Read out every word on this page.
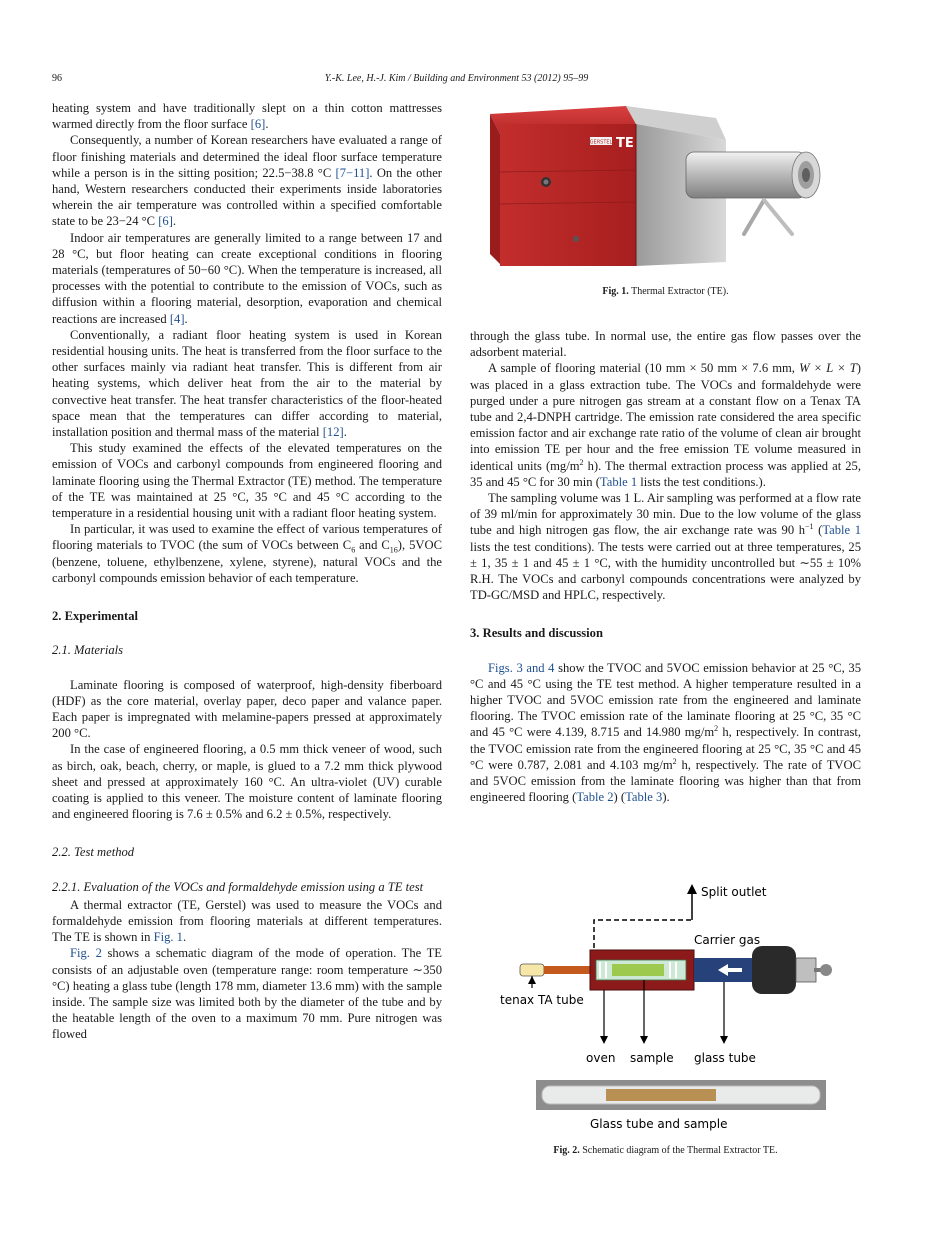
96	Y.-K. Lee, H.-J. Kim / Building and Environment 53 (2012) 95–99

heating system and have traditionally slept on a thin cotton mattresses warmed directly from the floor surface [6].

Consequently, a number of Korean researchers have evaluated a range of floor finishing materials and determined the ideal floor surface temperature while a person is in the sitting position; 22.5−38.8 °C [7−11]. On the other hand, Western researchers conducted their experiments inside laboratories wherein the air temperature was controlled within a specified comfortable state to be 23−24 °C [6].

Indoor air temperatures are generally limited to a range between 17 and 28 °C, but floor heating can create exceptional conditions in flooring materials (temperatures of 50−60 °C). When the temperature is increased, all processes with the potential to contribute to the emission of VOCs, such as diffusion within a flooring material, desorption, evaporation and chemical reactions are increased [4].

Conventionally, a radiant floor heating system is used in Korean residential housing units. The heat is transferred from the floor surface to the other surfaces mainly via radiant heat transfer. This is different from air heating systems, which deliver heat from the air to the material by convective heat transfer. The heat transfer characteristics of the floor-heated space mean that the temperatures can differ according to material, installation position and thermal mass of the material [12].

This study examined the effects of the elevated temperatures on the emission of VOCs and carbonyl compounds from engineered flooring and laminate flooring using the Thermal Extractor (TE) method. The temperature of the TE was maintained at 25 °C, 35 °C and 45 °C according to the temperature in a residential housing unit with a radiant floor heating system.

In particular, it was used to examine the effect of various temperatures of flooring materials to TVOC (the sum of VOCs between $C_6$ and $C_{16}$), 5VOC (benzene, toluene, ethylbenzene, xylene, styrene), natural VOCs and the carbonyl compounds emission behavior of each temperature.

2. Experimental

2.1. Materials

Laminate flooring is composed of waterproof, high-density fiberboard (HDF) as the core material, overlay paper, deco paper and valance paper. Each paper is impregnated with melamine-papers pressed at approximately 200 °C.

In the case of engineered flooring, a 0.5 mm thick veneer of wood, such as birch, oak, beach, cherry, or maple, is glued to a 7.2 mm thick plywood sheet and pressed at approximately 160 °C. An ultra-violet (UV) curable coating is applied to this veneer. The moisture content of laminate flooring and engineered flooring is 7.6 ± 0.5% and 6.2 ± 0.5%, respectively.

2.2. Test method

2.2.1. Evaluation of the VOCs and formaldehyde emission using a TE test

A thermal extractor (TE, Gerstel) was used to measure the VOCs and formaldehyde emission from flooring materials at different temperatures. The TE is shown in Fig. 1.

Fig. 2 shows a schematic diagram of the mode of operation. The TE consists of an adjustable oven (temperature range: room temperature ∼350 °C) heating a glass tube (length 178 mm, diameter 13.6 mm) with the sample inside. The sample size was limited both by the diameter of the tube and by the heatable length of the oven to a maximum 70 mm. Pure nitrogen was flowed

GERSTEL TE
Fig. 1. Thermal Extractor (TE).

through the glass tube. In normal use, the entire gas flow passes over the adsorbent material.

A sample of flooring material (10 mm × 50 mm × 7.6 mm, W × L × T) was placed in a glass extraction tube. The VOCs and formaldehyde were purged under a pure nitrogen gas stream at a constant flow on a Tenax TA tube and 2,4-DNPH cartridge. The emission rate considered the area specific emission factor and air exchange rate ratio of the volume of clean air brought into emission TE per hour and the free emission TE volume measured in identical units ($mg/m^2$ h). The thermal extraction process was applied at 25, 35 and 45 °C for 30 min (Table 1 lists the test conditions.).

The sampling volume was 1 L. Air sampling was performed at a flow rate of 39 ml/min for approximately 30 min. Due to the low volume of the glass tube and high nitrogen gas flow, the air exchange rate was 90 $h^{-1}$ (Table 1 lists the test conditions). The tests were carried out at three temperatures, 25 ± 1, 35 ± 1 and 45 ± 1 °C, with the humidity uncontrolled but ∼55 ± 10% R.H. The VOCs and carbonyl compounds concentrations were analyzed by TD-GC/MSD and HPLC, respectively.

3. Results and discussion

Figs. 3 and 4 show the TVOC and 5VOC emission behavior at 25 °C, 35 °C and 45 °C using the TE test method. A higher temperature resulted in a higher TVOC and 5VOC emission rate from the engineered and laminate flooring. The TVOC emission rate of the laminate flooring at 25 °C, 35 °C and 45 °C were 4.139, 8.715 and 14.980 $mg/m^2$ h, respectively. In contrast, the TVOC emission rate from the engineered flooring at 25 °C, 35 °C and 45 °C were 0.787, 2.081 and 4.103 $mg/m^2$ h, respectively. The rate of TVOC and 5VOC emission from the laminate flooring was higher than that from engineered flooring (Table 2) (Table 3).

Split outlet
Carrier gas
tenax TA tube
oven sample glass tube
Glass tube and sample
Fig. 2. Schematic diagram of the Thermal Extractor TE.
